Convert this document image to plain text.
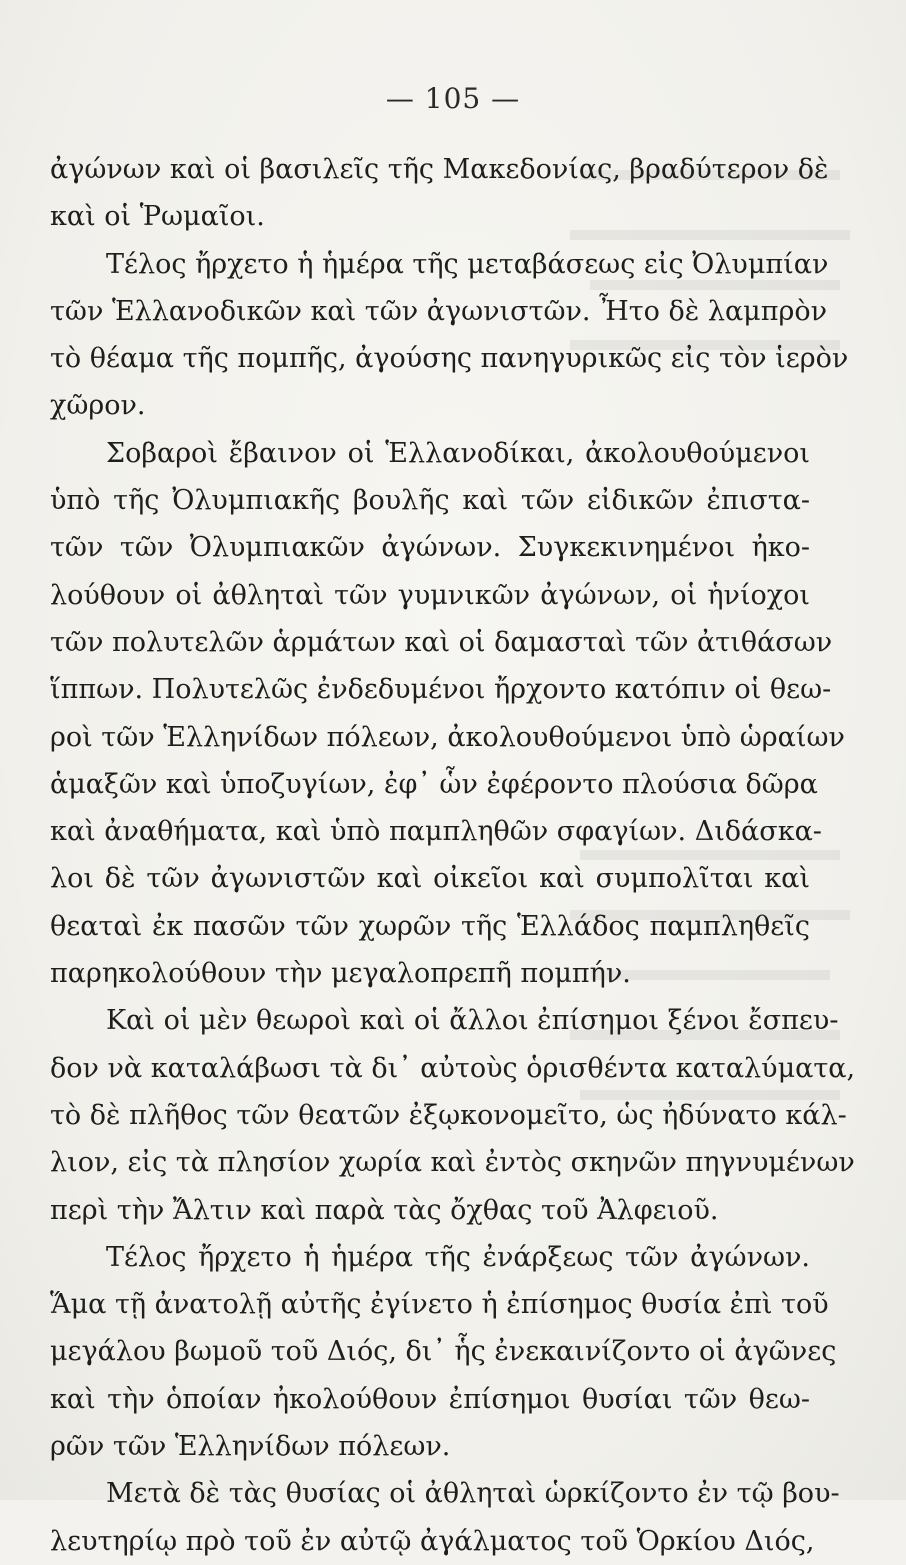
— 105 —
ἀγώνων καὶ οἱ βασιλεῖς τῆς Μακεδονίας, βραδύτερον δὲ
καὶ οἱ Ῥωμαῖοι.
Τέλος ἤρχετο ἡ ἡμέρα τῆς μεταβάσεως εἰς Ὀλυμπίαν
τῶν Ἑλλανοδικῶν καὶ τῶν ἀγωνιστῶν. Ἦτο δὲ λαμπρὸν
τὸ θέαμα τῆς πομπῆς, ἀγούσης πανηγυρικῶς εἰς τὸν ἱερὸν
χῶρον.
Σοβαροὶ ἔβαινον οἱ Ἑλλανοδίκαι, ἀκολουθούμενοι
ὑπὸ τῆς Ὀλυμπιακῆς βουλῆς καὶ τῶν εἰδικῶν ἐπιστα-
τῶν τῶν Ὀλυμπιακῶν ἀγώνων. Συγκεκινημένοι ἠκο-
λούθουν οἱ ἀθληταὶ τῶν γυμνικῶν ἀγώνων, οἱ ἡνίοχοι
τῶν πολυτελῶν ἁρμάτων καὶ οἱ δαμασταὶ τῶν ἀτιθάσων
ἵππων. Πολυτελῶς ἐνδεδυμένοι ἤρχοντο κατόπιν οἱ θεω-
ροὶ τῶν Ἑλληνίδων πόλεων, ἀκολουθούμενοι ὑπὸ ὡραίων
ἁμαξῶν καὶ ὑποζυγίων, ἐφ᾽ ὧν ἐφέροντο πλούσια δῶρα
καὶ ἀναθήματα, καὶ ὑπὸ παμπληθῶν σφαγίων. Διδάσκα-
λοι δὲ τῶν ἀγωνιστῶν καὶ οἰκεῖοι καὶ συμπολῖται καὶ
θεαταὶ ἐκ πασῶν τῶν χωρῶν τῆς Ἑλλάδος παμπληθεῖς
παρηκολούθουν τὴν μεγαλοπρεπῆ πομπήν.
Καὶ οἱ μὲν θεωροὶ καὶ οἱ ἄλλοι ἐπίσημοι ξένοι ἔσπευ-
δον νὰ καταλάβωσι τὰ δι᾽ αὐτοὺς ὁρισθέντα καταλύματα,
τὸ δὲ πλῆθος τῶν θεατῶν ἐξῳκονομεῖτο, ὡς ἠδύνατο κάλ-
λιον, εἰς τὰ πλησίον χωρία καὶ ἐντὸς σκηνῶν πηγνυμένων
περὶ τὴν Ἄλτιν καὶ παρὰ τὰς ὄχθας τοῦ Ἀλφειοῦ.
Τέλος ἤρχετο ἡ ἡμέρα τῆς ἐνάρξεως τῶν ἀγώνων.
Ἅμα τῇ ἀνατολῇ αὐτῆς ἐγίνετο ἡ ἐπίσημος θυσία ἐπὶ τοῦ
μεγάλου βωμοῦ τοῦ Διός, δι᾽ ἧς ἐνεκαινίζοντο οἱ ἀγῶνες
καὶ τὴν ὁποίαν ἠκολούθουν ἐπίσημοι θυσίαι τῶν θεω-
ρῶν τῶν Ἑλληνίδων πόλεων.
Μετὰ δὲ τὰς θυσίας οἱ ἀθληταὶ ὡρκίζοντο ἐν τῷ βου-
λευτηρίῳ πρὸ τοῦ ἐν αὐτῷ ἀγάλματος τοῦ Ὁρκίου Διός,
